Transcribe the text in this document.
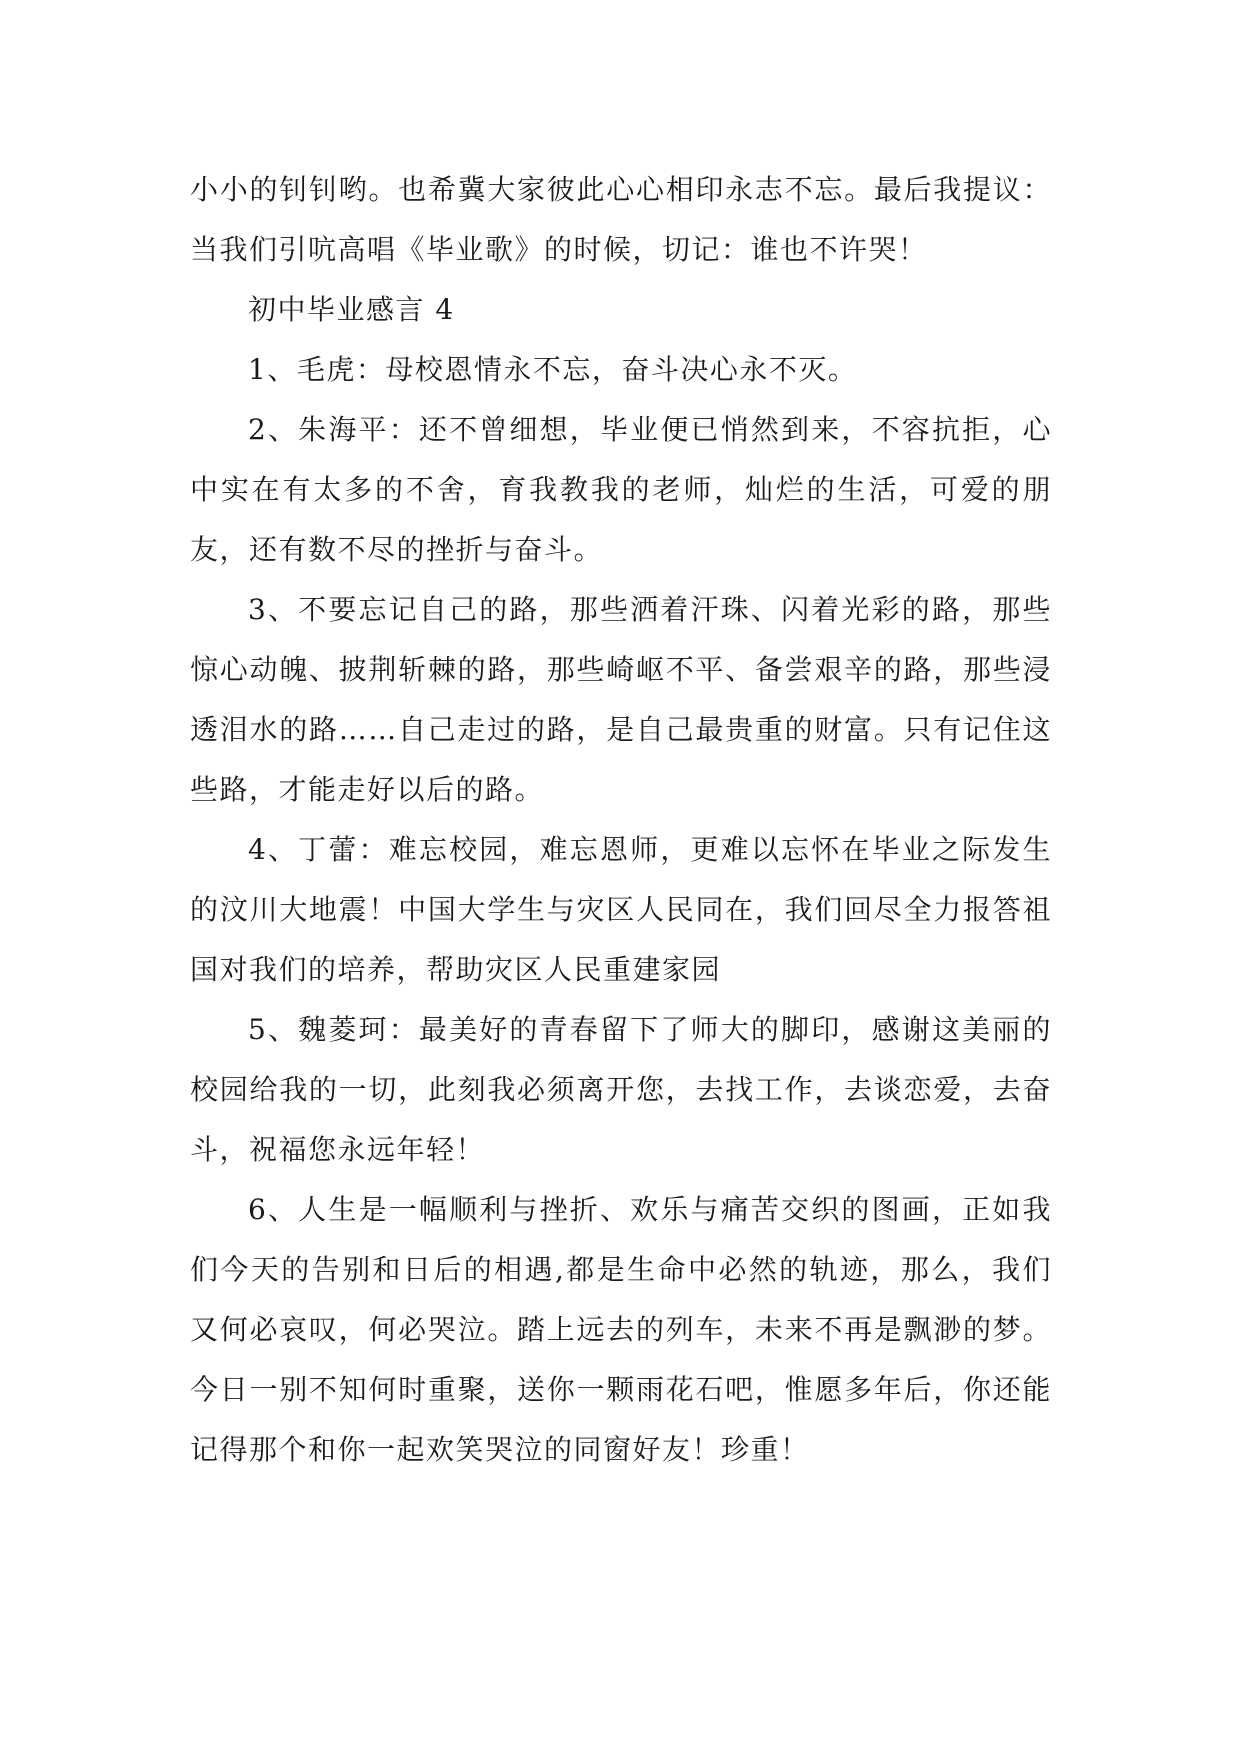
小小的钊钊哟。也希冀大家彼此心心相印永志不忘。最后我提议：当我们引吭高唱《毕业歌》的时候，切记：谁也不许哭！

初中毕业感言 4

1、毛虎：母校恩情永不忘，奋斗决心永不灭。

2、朱海平：还不曾细想，毕业便已悄然到来，不容抗拒，心中实在有太多的不舍，育我教我的老师，灿烂的生活，可爱的朋友，还有数不尽的挫折与奋斗。

3、不要忘记自己的路，那些洒着汗珠、闪着光彩的路，那些惊心动魄、披荆斩棘的路，那些崎岖不平、备尝艰辛的路，那些浸透泪水的路……自己走过的路，是自己最贵重的财富。只有记住这些路，才能走好以后的路。

4、丁蕾：难忘校园，难忘恩师，更难以忘怀在毕业之际发生的汶川大地震！中国大学生与灾区人民同在，我们回尽全力报答祖国对我们的培养，帮助灾区人民重建家园

5、魏菱珂：最美好的青春留下了师大的脚印，感谢这美丽的校园给我的一切，此刻我必须离开您，去找工作，去谈恋爱，去奋斗，祝福您永远年轻！

6、人生是一幅顺利与挫折、欢乐与痛苦交织的图画，正如我们今天的告别和日后的相遇,都是生命中必然的轨迹，那么，我们又何必哀叹，何必哭泣。踏上远去的列车，未来不再是飘渺的梦。今日一别不知何时重聚，送你一颗雨花石吧，惟愿多年后，你还能记得那个和你一起欢笑哭泣的同窗好友！珍重！
